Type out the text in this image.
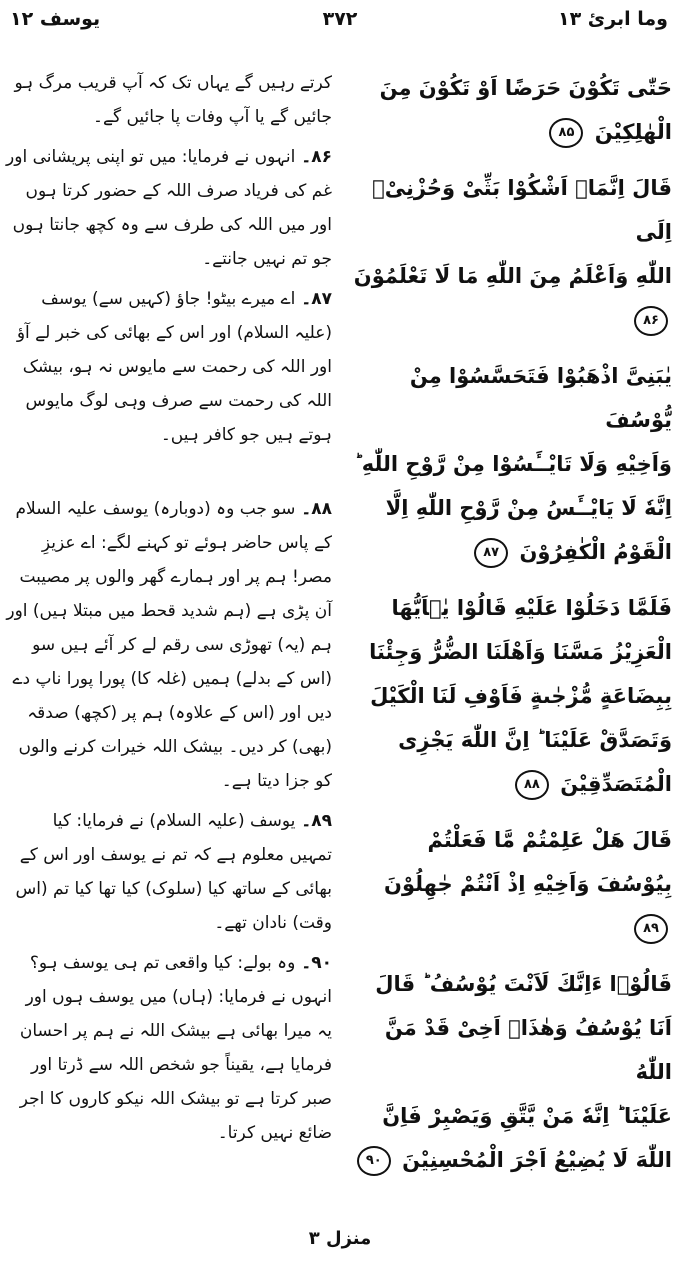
۳۷۲
یوسف ۱۲	وما ابرئ ۱۳

کرتے رہیں گے یہاں تک کہ آپ قریب مرگ ہو جائیں گے یا آپ وفات پا جائیں گے۔

۸۶۔ انہوں نے فرمایا: میں تو اپنی پریشانی اور غم کی فریاد صرف اللہ کے حضور کرتا ہوں اور میں اللہ کی طرف سے وہ کچھ جانتا ہوں جو تم نہیں جانتے۔

۸۷۔ اے میرے بیٹو! جاؤ (کہیں سے) یوسف (علیہ السلام) اور اس کے بھائی کی خبر لے آؤ اور اللہ کی رحمت سے مایوس نہ ہو، بیشک اللہ کی رحمت سے صرف وہی لوگ مایوس ہوتے ہیں جو کافر ہیں۔

۸۸۔ سو جب وہ (دوبارہ) یوسف علیہ السلام کے پاس حاضر ہوئے تو کہنے لگے: اے عزیزِ مصر! ہم پر اور ہمارے گھر والوں پر مصیبت آن پڑی ہے (ہم شدید قحط میں مبتلا ہیں) اور ہم (یہ) تھوڑی سی رقم لے کر آئے ہیں سو (اس کے بدلے) ہمیں (غلہ کا) پورا پورا ناپ دے دیں اور (اس کے علاوہ) ہم پر (کچھ) صدقہ (بھی) کر دیں۔ بیشک اللہ خیرات کرنے والوں کو جزا دیتا ہے۔

۸۹۔ یوسف (علیہ السلام) نے فرمایا: کیا تمہیں معلوم ہے کہ تم نے یوسف اور اس کے بھائی کے ساتھ کیا (سلوک) کیا تھا کیا تم (اس وقت) نادان تھے۔

۹۰۔ وہ بولے: کیا واقعی تم ہی یوسف ہو؟ انہوں نے فرمایا: (ہاں) میں یوسف ہوں اور یہ میرا بھائی ہے بیشک اللہ نے ہم پر احسان فرمایا ہے، یقیناً جو شخص اللہ سے ڈرتا اور صبر کرتا ہے تو بیشک اللہ نیکو کاروں کا اجر ضائع نہیں کرتا۔

حَتّٰى تَكُوْنَ حَرَضًا اَوْ تَكُوْنَ مِنَ
الْهٰلِكِيْنَ ۸۵
قَالَ اِنَّمَاۤ اَشْكُوْا بَثِّىْ وَحُزْنِىْۤ اِلَى
اللّٰهِ وَاَعْلَمُ مِنَ اللّٰهِ مَا لَا تَعْلَمُوْنَ ۸۶
يٰبَنِىَّ اذْهَبُوْا فَتَحَسَّسُوْا مِنْ يُّوْسُفَ
وَاَخِيْهِ وَلَا تَايْــَٔسُوْا مِنْ رَّوْحِ اللّٰهِ ؕ
اِنَّهٗ لَا يَايْــَٔسُ مِنْ رَّوْحِ اللّٰهِ اِلَّا
الْقَوْمُ الْكٰفِرُوْنَ ۸۷
فَلَمَّا دَخَلُوْا عَلَيْهِ قَالُوْا يٰۤاَيُّهَا
الْعَزِيْزُ مَسَّنَا وَاَهْلَنَا الضُّرُّ وَجِئْنَا
بِبِضَاعَةٍ مُّزْجٰىةٍ فَاَوْفِ لَنَا الْكَيْلَ
وَتَصَدَّقْ عَلَيْنَا ؕ اِنَّ اللّٰهَ يَجْزِى
الْمُتَصَدِّقِيْنَ ۸۸
قَالَ هَلْ عَلِمْتُمْ مَّا فَعَلْتُمْ
بِيُوْسُفَ وَاَخِيْهِ اِذْ اَنْتُمْ جٰهِلُوْنَ ۸۹
قَالُوْۤا ءَاِنَّكَ لَاَنْتَ يُوْسُفُ ؕ قَالَ
اَنَا يُوْسُفُ وَهٰذَاۤ اَخِىْ قَدْ مَنَّ اللّٰهُ
عَلَيْنَا ؕ اِنَّهٗ مَنْ يَّتَّقِ وَيَصْبِرْ فَاِنَّ
اللّٰهَ لَا يُضِيْعُ اَجْرَ الْمُحْسِنِيْنَ ۹۰
منزل ۳
